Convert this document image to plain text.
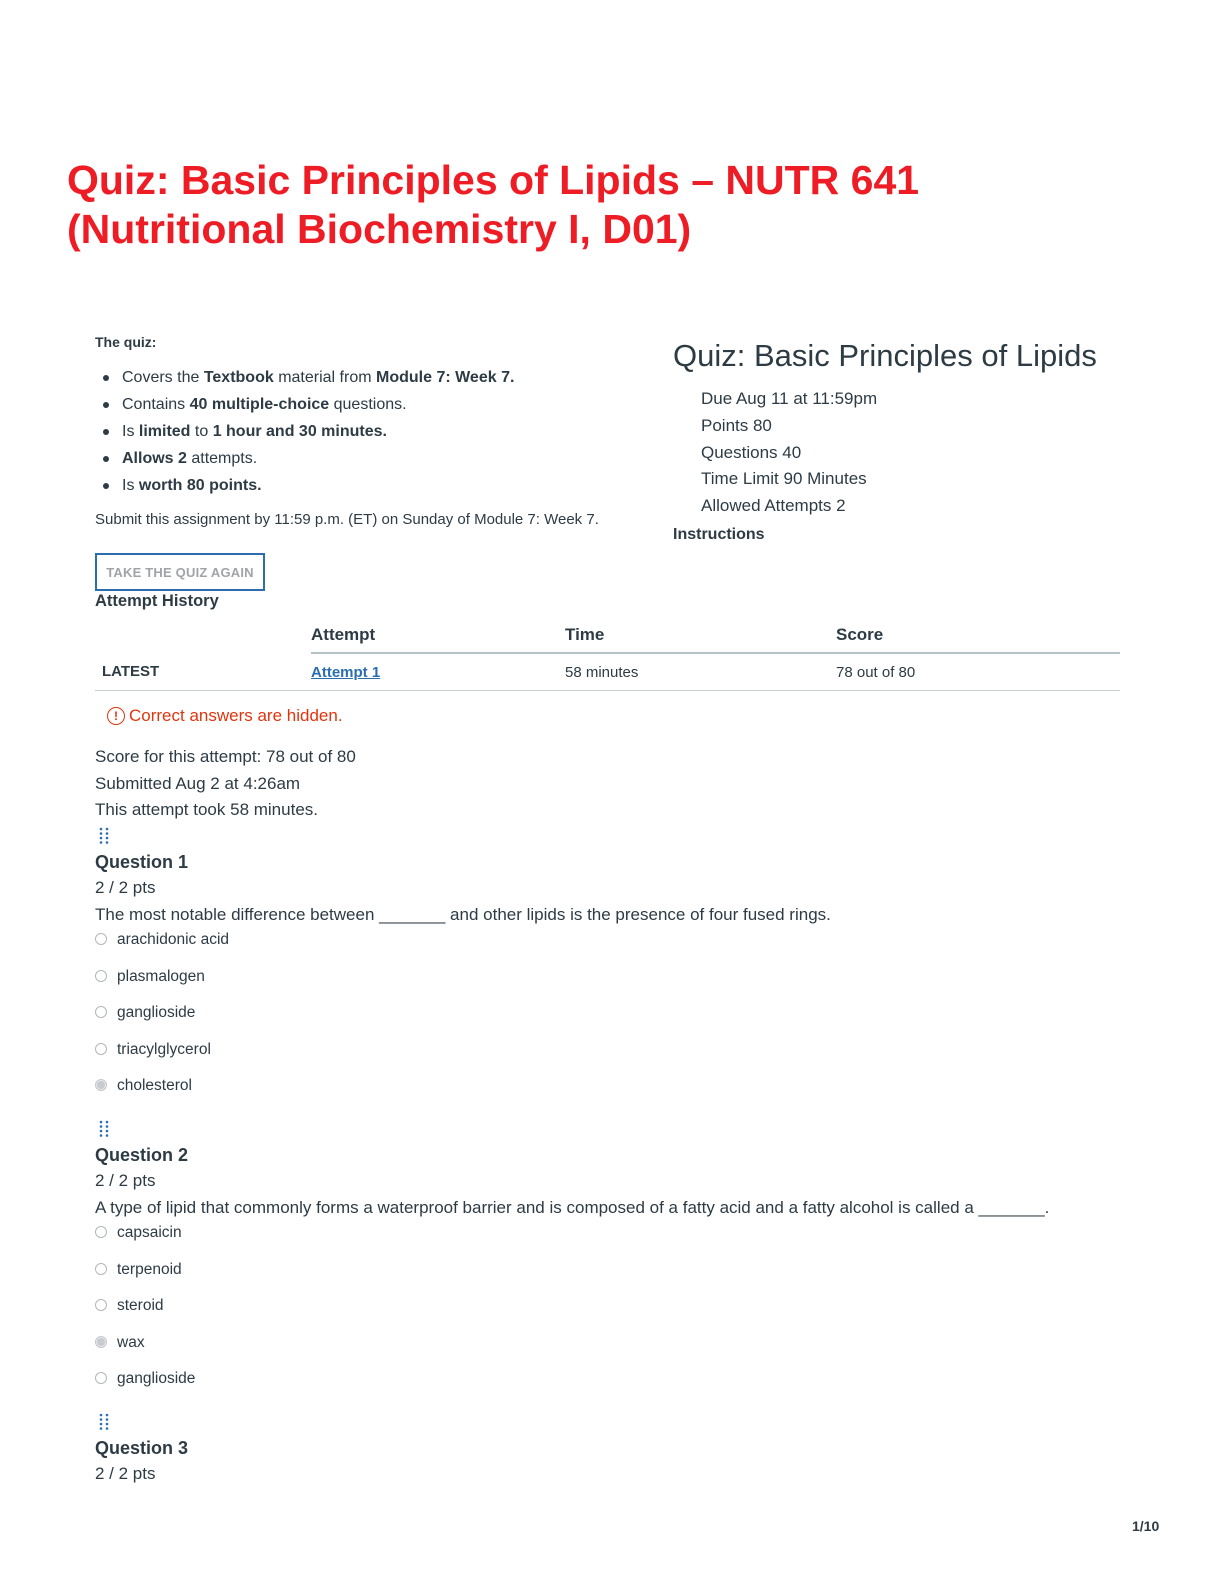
Quiz: Basic Principles of Lipids – NUTR 641
(Nutritional Biochemistry I, D01)
The quiz:
Covers the Textbook material from Module 7: Week 7.
Contains 40 multiple-choice questions.
Is limited to 1 hour and 30 minutes.
Allows 2 attempts.
Is worth 80 points.
Submit this assignment by 11:59 p.m. (ET) on Sunday of Module 7: Week 7.
TAKE THE QUIZ AGAIN
Quiz: Basic Principles of Lipids
Due Aug 11 at 11:59pm
Points 80
Questions 40
Time Limit 90 Minutes
Allowed Attempts 2
Instructions
Attempt History
	Attempt	Time	Score
LATEST	Attempt 1	58 minutes	78 out of 80
! Correct answers are hidden.
Score for this attempt: 78 out of 80
Submitted Aug 2 at 4:26am
This attempt took 58 minutes.
Question 1
2 / 2 pts
The most notable difference between _______ and other lipids is the presence of four fused rings.
arachidonic acid
plasmalogen
ganglioside
triacylglycerol
cholesterol
Question 2
2 / 2 pts
A type of lipid that commonly forms a waterproof barrier and is composed of a fatty acid and a fatty alcohol is called a _______.
capsaicin
terpenoid
steroid
wax
ganglioside
Question 3
2 / 2 pts
1/10
